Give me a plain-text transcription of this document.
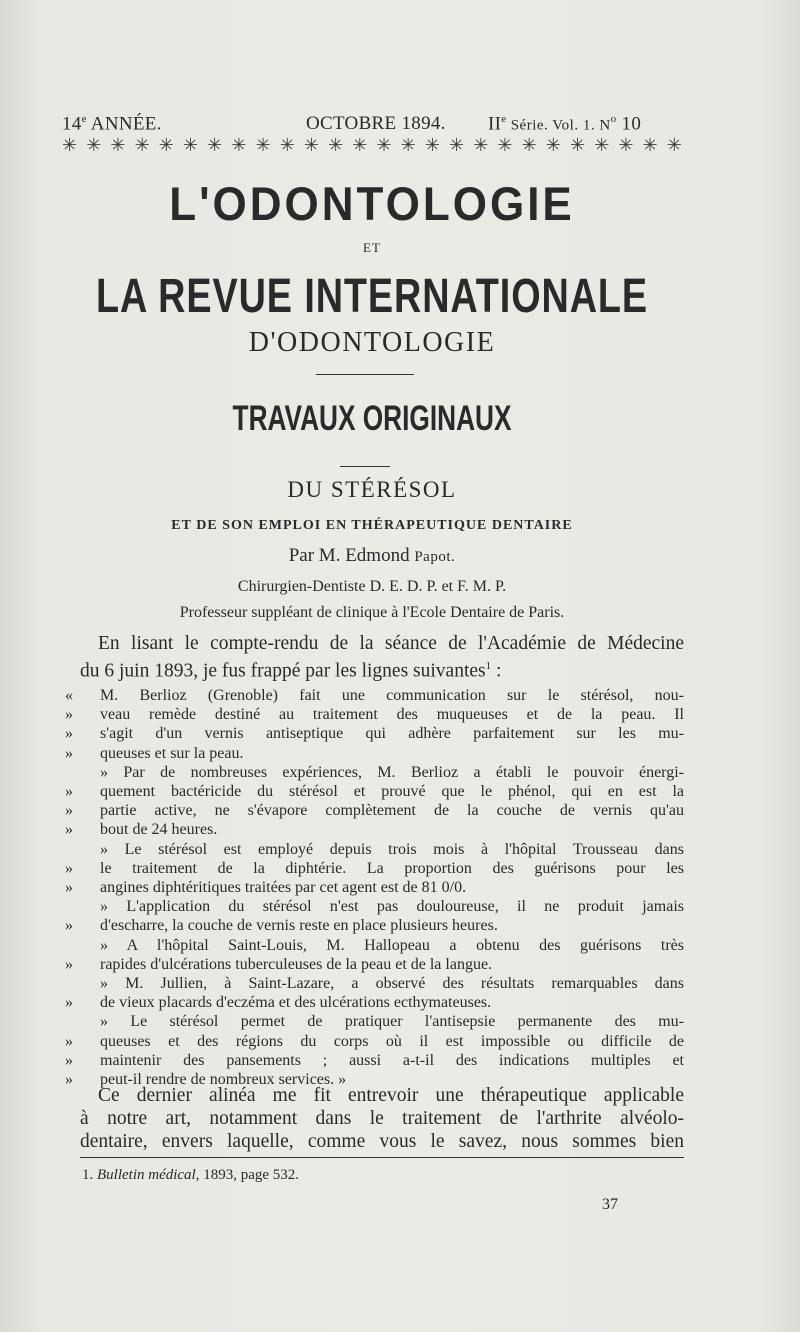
14e ANNÉE.	OCTOBRE 1894. IIe Série. Vol. 1. $N^o$ 10
✳ ✳ ✳ ✳ ✳ ✳ ✳ ✳ ✳ ✳ ✳ ✳ ✳ ✳ ✳ ✳ ✳ ✳ ✳ ✳ ✳ ✳ ✳ ✳ ✳ ✳
L'ODONTOLOGIE
ET
LA REVUE INTERNATIONALE
D'ODONTOLOGIE
TRAVAUX ORIGINAUX
DU STÉRÉSOL
ET DE SON EMPLOI EN THÉRAPEUTIQUE DENTAIRE
Par M. Edmond Papot.
Chirurgien-Dentiste D. E. D. P. et F. M. P.
Professeur suppléant de clinique à l'Ecole Dentaire de Paris.
En lisant le compte-rendu de la séance de l'Académie de Médecine
du 6 juin 1893, je fus frappé par les lignes suivantes$^1$ :
« M. Berlioz (Grenoble) fait une communication sur le stérésol, nou-
» veau remède destiné au traitement des muqueuses et de la peau. Il
» s'agit d'un vernis antiseptique qui adhère parfaitement sur les mu-
» queuses et sur la peau.
» Par de nombreuses expériences, M. Berlioz a établi le pouvoir énergi-
» quement bactéricide du stérésol et prouvé que le phénol, qui en est la
» partie active, ne s'évapore complètement de la couche de vernis qu'au
» bout de 24 heures.
» Le stérésol est employé depuis trois mois à l'hôpital Trousseau dans
» le traitement de la diphtérie. La proportion des guérisons pour les
» angines diphtéritiques traitées par cet agent est de 81 0/0.
» L'application du stérésol n'est pas douloureuse, il ne produit jamais
» d'escharre, la couche de vernis reste en place plusieurs heures.
» A l'hôpital Saint-Louis, M. Hallopeau a obtenu des guérisons très
» rapides d'ulcérations tuberculeuses de la peau et de la langue.
» M. Jullien, à Saint-Lazare, a observé des résultats remarquables dans
» de vieux placards d'eczéma et des ulcérations ecthymateuses.
» Le stérésol permet de pratiquer l'antisepsie permanente des mu-
» queuses et des régions du corps où il est impossible ou difficile de
» maintenir des pansements ; aussi a-t-il des indications multiples et
» peut-il rendre de nombreux services. »
Ce dernier alinéa me fit entrevoir une thérapeutique applicable
à notre art, notamment dans le traitement de l'arthrite alvéolo-
dentaire, envers laquelle, comme vous le savez, nous sommes bien
1. Bulletin médical, 1893, page 532.
37
